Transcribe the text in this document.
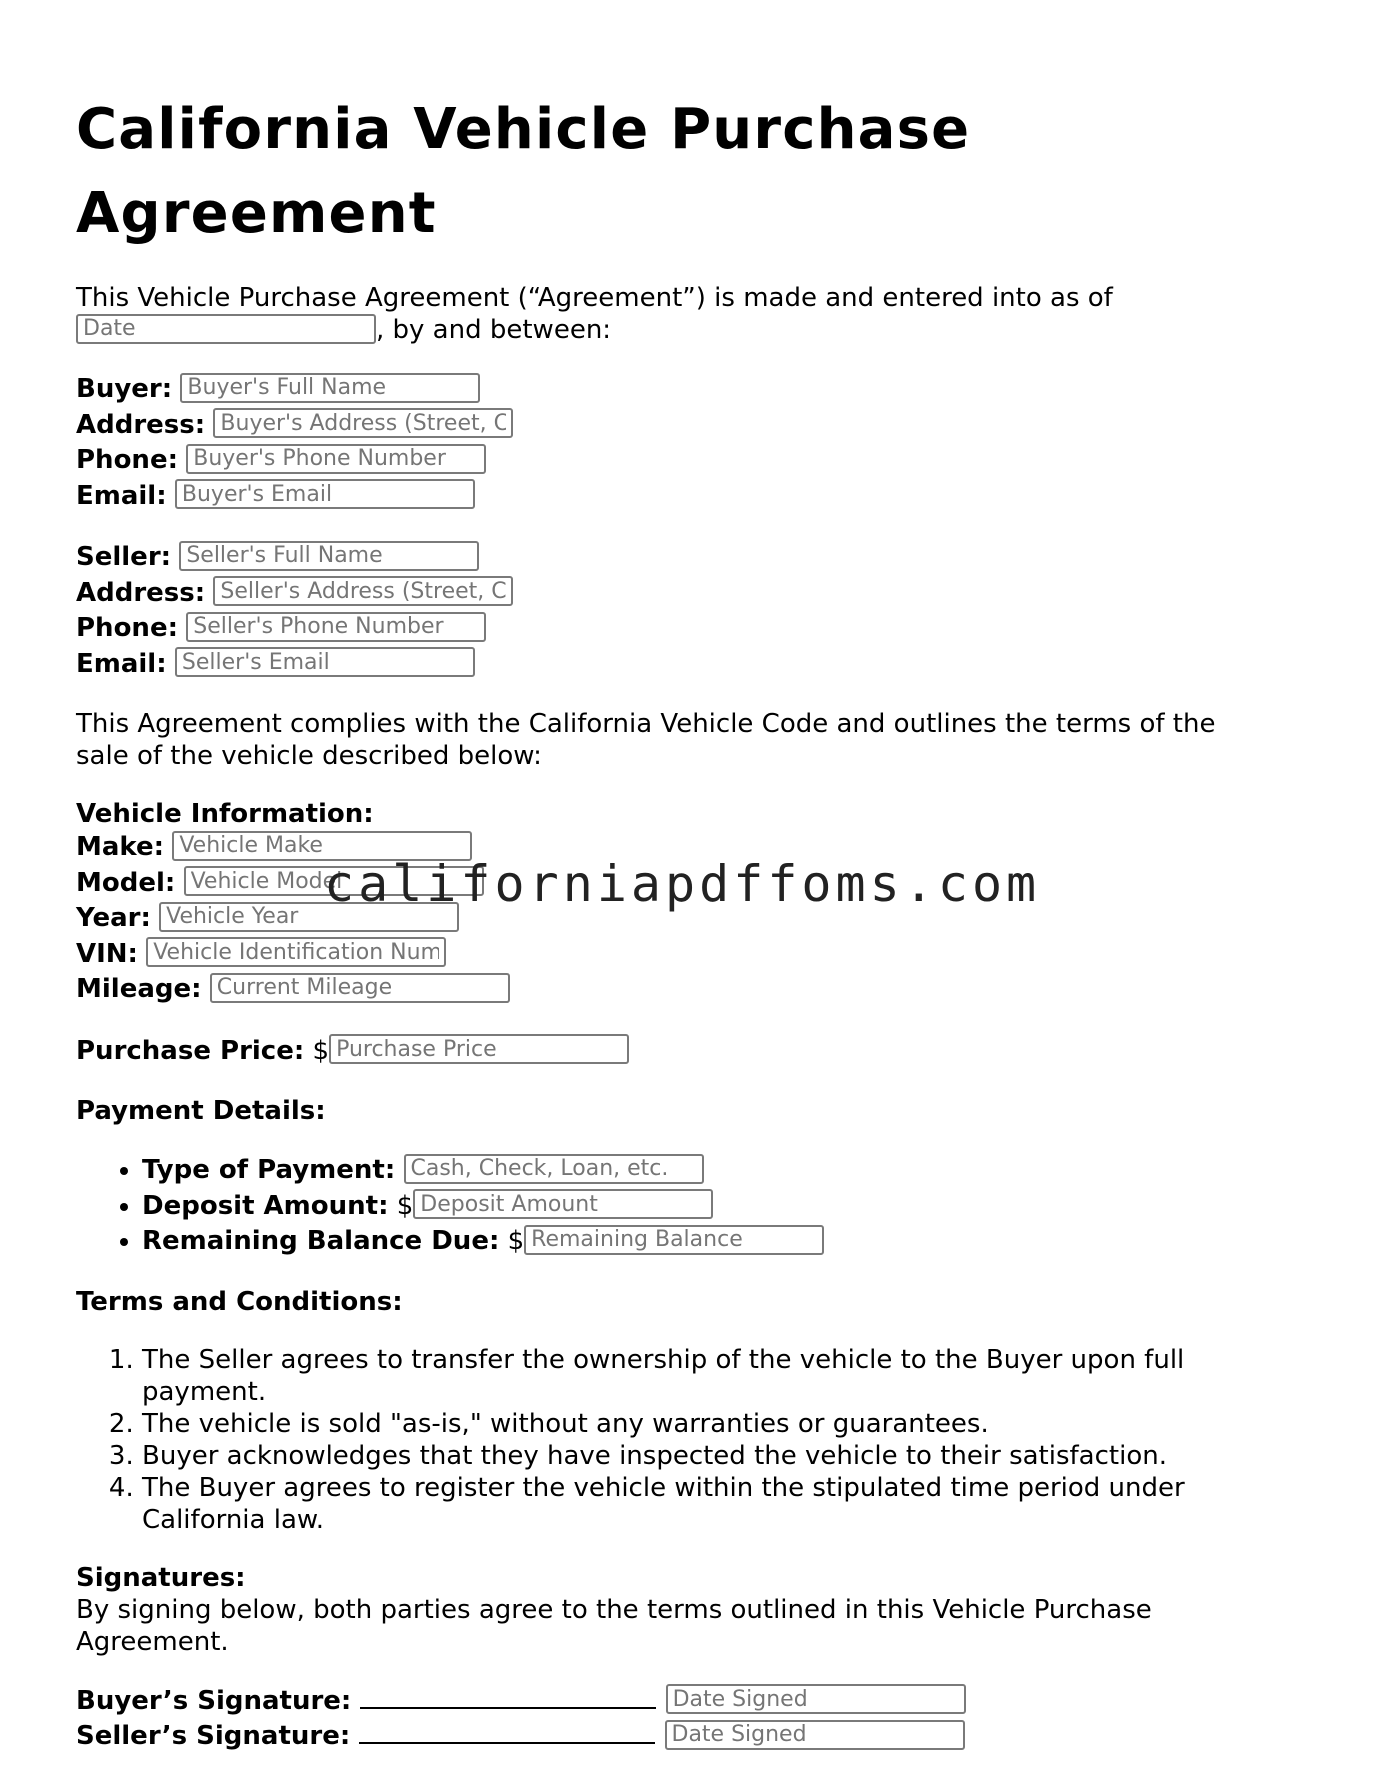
California Vehicle Purchase Agreement

This Vehicle Purchase Agreement (“Agreement”) is made and entered into as of
Date, by and between:

Buyer: Buyer's Full Name
Address: Buyer's Address (Street, C
Phone: Buyer's Phone Number
Email: Buyer's Email
Seller: Seller's Full Name
Address: Seller's Address (Street, Ci
Phone: Seller's Phone Number
Email: Seller's Email

This Agreement complies with the California Vehicle Code and outlines the terms of the sale of the vehicle described below:

Vehicle Information:
Make: Vehicle Make
Model: Vehicle Model
Year: Vehicle Year
VIN: Vehicle Identification Num
Mileage: Current Mileage
Purchase Price: $Purchase Price
Payment Details:
• Type of Payment: Cash, Check, Loan, etc.
• Deposit Amount: $Deposit Amount
• Remaining Balance Due: $Remaining Balance
Terms and Conditions:
1. The Seller agrees to transfer the ownership of the vehicle to the Buyer upon full payment.
2. The vehicle is sold "as-is," without any warranties or guarantees.
3. Buyer acknowledges that they have inspected the vehicle to their satisfaction.
4. The Buyer agrees to register the vehicle within the stipulated time period under California law.
Signatures:

By signing below, both parties agree to the terms outlined in this Vehicle Purchase Agreement.

Buyer’s Signature: Date Signed
Seller’s Signature: Date Signed
californiapdffoms.com
